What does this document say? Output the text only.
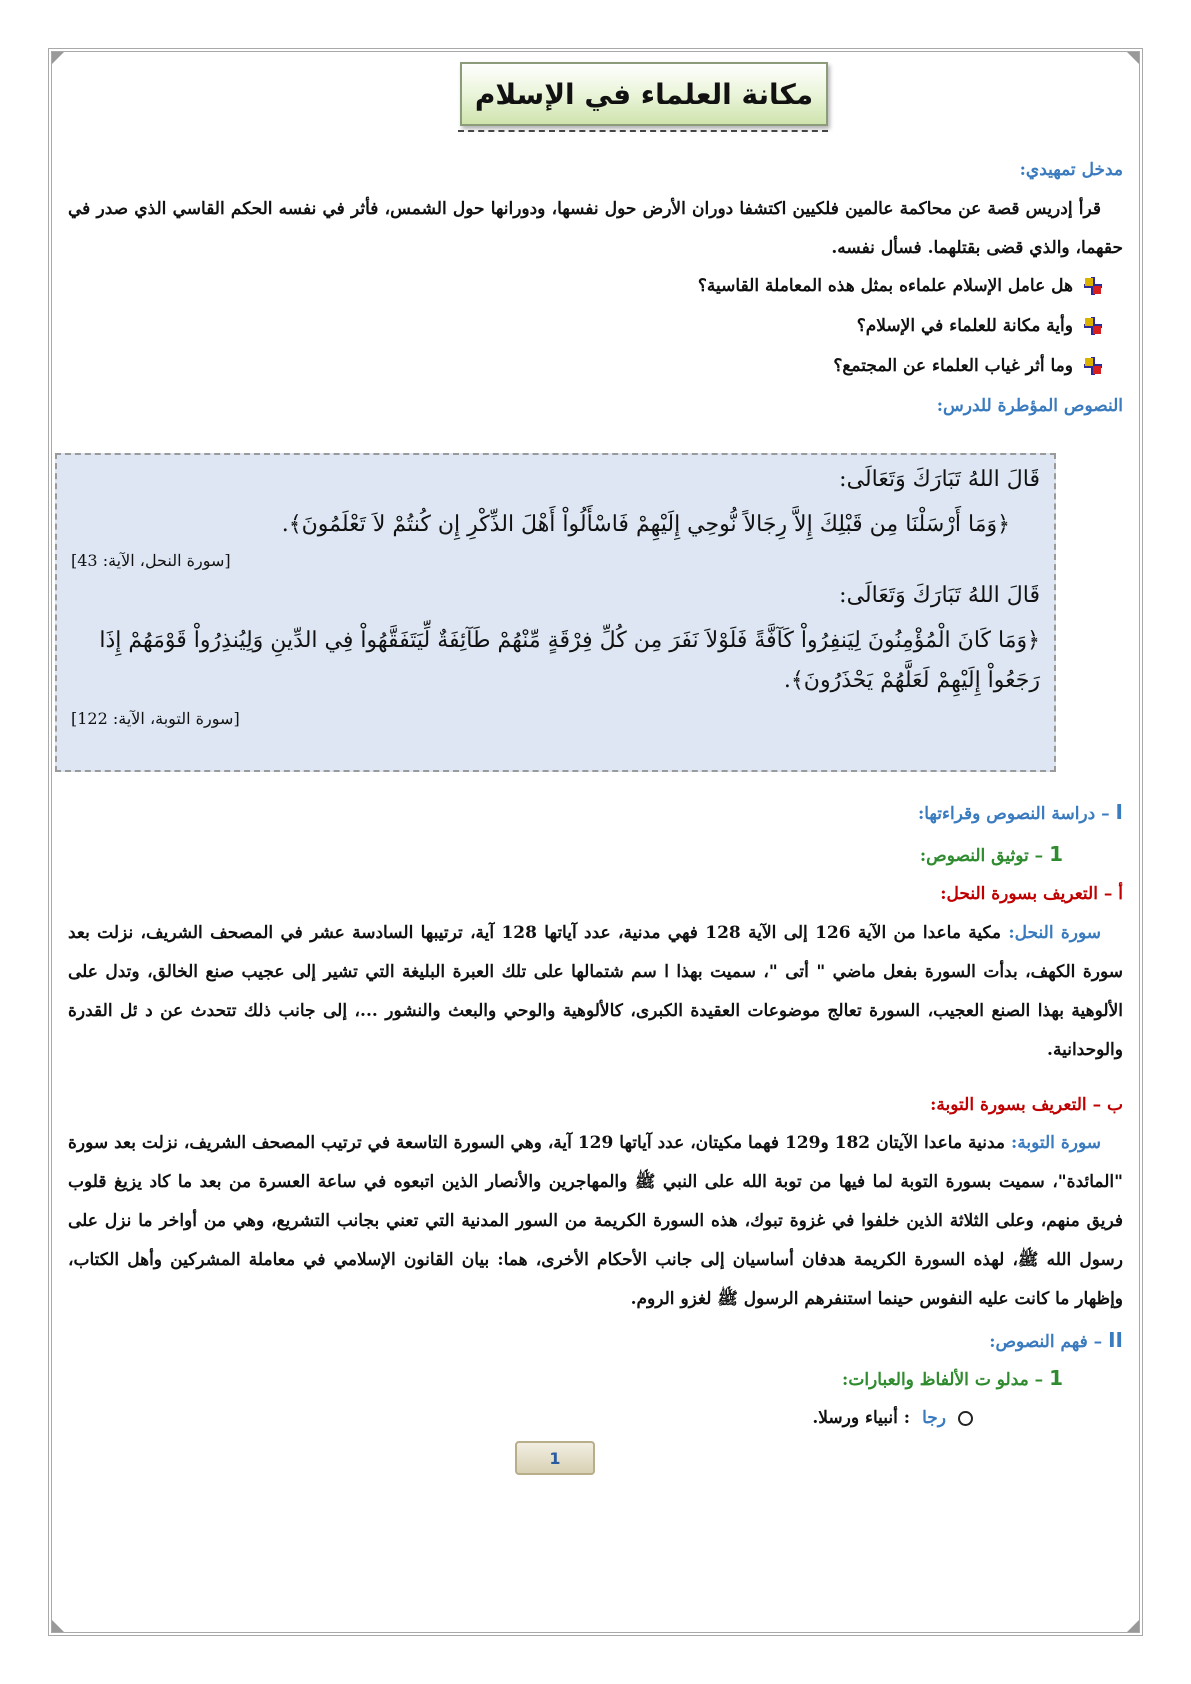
مكانة العلماء في الإسلام
مدخل تمهيدي:
قرأ إدريس قصة عن محاكمة عالمين فلكيين اكتشفا دوران الأرض حول نفسها، ودورانها حول الشمس، فأثر في نفسه الحكم القاسي الذي صدر في حقهما، والذي قضى بقتلهما. فسأل نفسه.
هل عامل الإسلام علماءه بمثل هذه المعاملة القاسية؟
وأية مكانة للعلماء في الإسلام؟
وما أثر غياب العلماء عن المجتمع؟
النصوص المؤطرة للدرس:
قَالَ اللهُ تَبَارَكَ وَتَعَالَى:
﴿وَمَا أَرْسَلْنَا مِن قَبْلِكَ إِلاَّ رِجَالاً نُّوحِي إِلَيْهِمْ فَاسْأَلُواْ أَهْلَ الذِّكْرِ إِن كُنتُمْ لاَ تَعْلَمُونَ﴾.
[سورة النحل، الآية: 43]
قَالَ اللهُ تَبَارَكَ وَتَعَالَى:
﴿وَمَا كَانَ الْمُؤْمِنُونَ لِيَنفِرُواْ كَآفَّةً فَلَوْلاَ نَفَرَ مِن كُلِّ فِرْقَةٍ مِّنْهُمْ طَآئِفَةٌ لِّيَتَفَقَّهُواْ فِي الدِّينِ وَلِيُنذِرُواْ قَوْمَهُمْ إِذَا رَجَعُواْ إِلَيْهِمْ لَعَلَّهُمْ يَحْذَرُونَ﴾.
[سورة التوبة، الآية: 122]
I – دراسة النصوص وقراءتها:
1 – توثيق النصوص:
أ – التعريف بسورة النحل:
سورة النحل: مكية ماعدا من الآية 126 إلى الآية 128 فهي مدنية، عدد آياتها 128 آية، ترتيبها السادسة عشر في المصحف الشريف، نزلت بعد سورة الكهف، بدأت السورة بفعل ماضي " أتى "، سميت بهذا ا سم شتمالها على تلك العبرة البليغة التي تشير إلى عجيب صنع الخالق، وتدل على الألوهية بهذا الصنع العجيب، السورة تعالج موضوعات العقيدة الكبرى، كالألوهية والوحي والبعث والنشور ...، إلى جانب ذلك تتحدث عن د ئل القدرة والوحدانية.
ب – التعريف بسورة التوبة:
سورة التوبة: مدنية ماعدا الآيتان 182 و129 فهما مكيتان، عدد آياتها 129 آية، وهي السورة التاسعة في ترتيب المصحف الشريف، نزلت بعد سورة "المائدة"، سميت بسورة التوبة لما فيها من توبة الله على النبي ﷺ والمهاجرين والأنصار الذين اتبعوه في ساعة العسرة من بعد ما كاد يزيغ قلوب فريق منهم، وعلى الثلاثة الذين خلفوا في غزوة تبوك، هذه السورة الكريمة من السور المدنية التي تعني بجانب التشريع، وهي من أواخر ما نزل على رسول الله ﷺ، لهذه السورة الكريمة هدفان أساسيان إلى جانب الأحكام الأخرى، هما: بيان القانون الإسلامي في معاملة المشركين وأهل الكتاب، وإظهار ما كانت عليه النفوس حينما استنفرهم الرسول ﷺ لغزو الروم.
II – فهم النصوص:
1 – مدلو ت الألفاظ والعبارات:
رجا
: أنبياء ورسلا.
1
